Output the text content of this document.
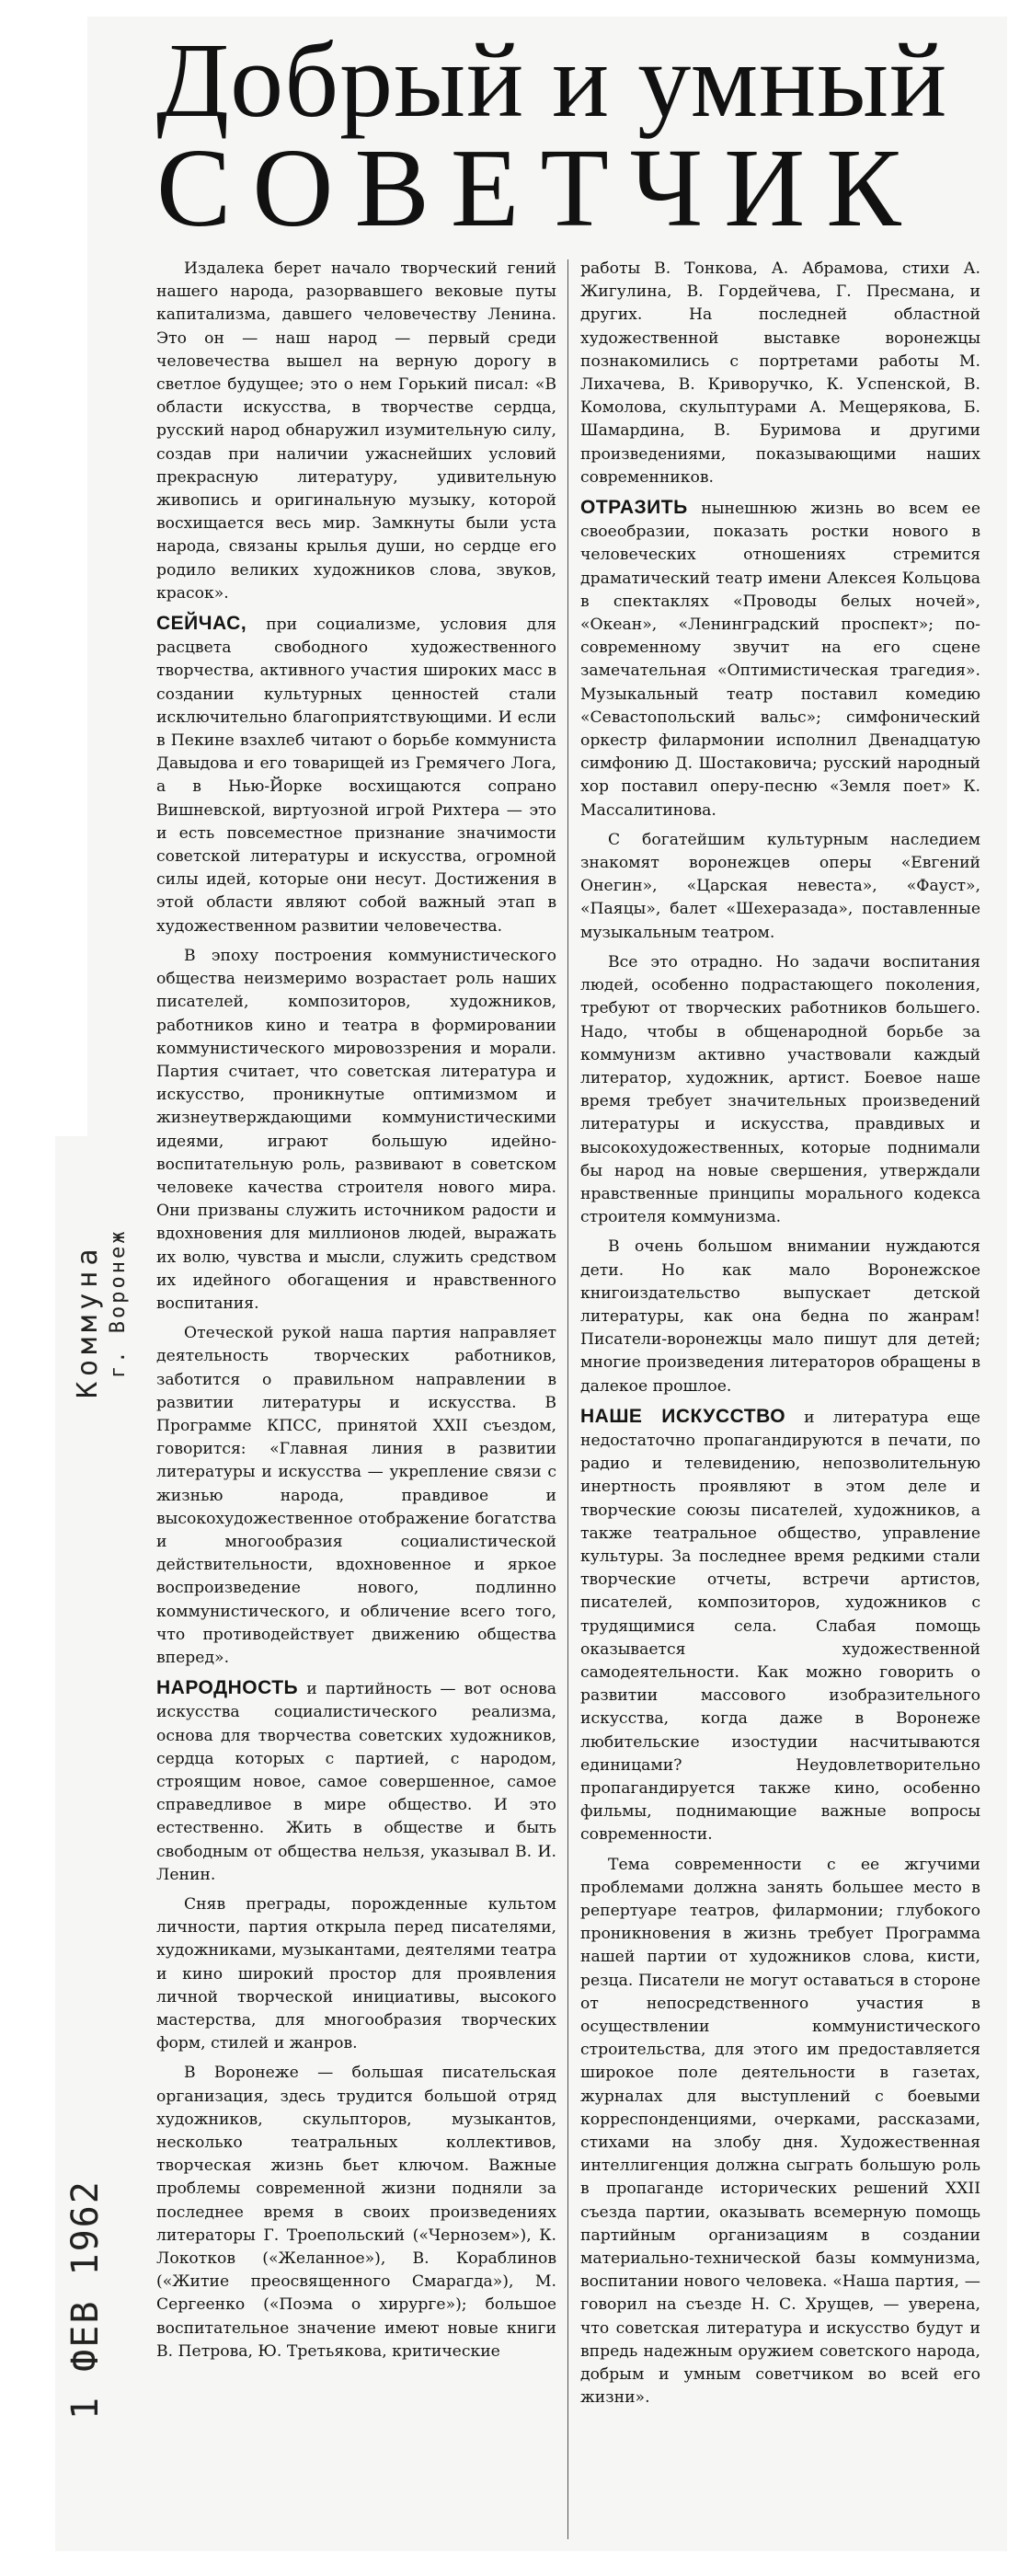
Добрый и умный
СОВЕТЧИК

Издалека берет начало творческий гений нашего народа, разорвавшего вековые путы капитализма, давшего человечеству Ленина. Это он — наш народ — первый среди человечества вышел на верную дорогу в светлое будущее; это о нем Горький писал: «В области искусства, в творчестве сердца, русский народ обнаружил изумительную силу, создав при наличии ужаснейших условий прекрасную литературу, удивительную живопись и оригинальную музыку, которой восхищается весь мир. Замкнуты были уста народа, связаны крылья души, но сердце его родило великих художников слова, звуков, красок».

СЕЙЧАС, при социализме, условия для расцвета свободного художественного творчества, активного участия широких масс в создании культурных ценностей стали исключительно благоприятствующими. И если в Пекине взахлеб читают о борьбе коммуниста Давыдова и его товарищей из Гремячего Лога, а в Нью-Йорке восхищаются сопрано Вишневской, виртуозной игрой Рихтера — это и есть повсеместное признание значимости советской литературы и искусства, огромной силы идей, которые они несут. Достижения в этой области являют собой важный этап в художественном развитии человечества.

В эпоху построения коммунистического общества неизмеримо возрастает роль наших писателей, композиторов, художников, работников кино и театра в формировании коммунистического мировоззрения и морали. Партия считает, что советская литература и искусство, проникнутые оптимизмом и жизнеутверждающими коммунистическими идеями, играют большую идейно-воспитательную роль, развивают в советском человеке качества строителя нового мира. Они призваны служить источником радости и вдохновения для миллионов людей, выражать их волю, чувства и мысли, служить средством их идейного обогащения и нравственного воспитания.

Отеческой рукой наша партия направляет деятельность творческих работников, заботится о правильном направлении в развитии литературы и искусства. В Программе КПСС, принятой XXII съездом, говорится: «Главная линия в развитии литературы и искусства — укрепление связи с жизнью народа, правдивое и высокохудожественное отображение богатства и многообразия социалистической действительности, вдохновенное и яркое воспроизведение нового, подлинно коммунистического, и обличение всего того, что противодействует движению общества вперед».

НАРОДНОСТЬ и партийность — вот основа искусства социалистического реализма, основа для творчества советских художников, сердца которых с партией, с народом, строящим новое, самое совершенное, самое справедливое в мире общество. И это естественно. Жить в обществе и быть свободным от общества нельзя, указывал В. И. Ленин.

Сняв преграды, порожденные культом личности, партия открыла перед писателями, художниками, музыкантами, деятелями театра и кино широкий простор для проявления личной творческой инициативы, высокого мастерства, для многообразия творческих форм, стилей и жанров.

В Воронеже — большая писательская организация, здесь трудится большой отряд художников, скульпторов, музыкантов, несколько театральных коллективов, творческая жизнь бьет ключом. Важные проблемы современной жизни подняли за последнее время в своих произведениях литераторы Г. Троепольский («Чернозем»), К. Локотков («Желанное»), В. Кораблинов («Житие преосвященного Смарагда»), М. Сергеенко («Поэма о хирурге»); большое воспитательное значение имеют новые книги В. Петрова, Ю. Третьякова, критические

работы В. Тонкова, А. Абрамова, стихи А. Жигулина, В. Гордейчева, Г. Пресмана, и других. На последней областной художественной выставке воронежцы познакомились с портретами работы М. Лихачева, В. Криворучко, К. Успенской, В. Комолова, скульптурами А. Мещерякова, Б. Шамардина, В. Буримова и другими произведениями, показывающими наших современников.

ОТРАЗИТЬ нынешнюю жизнь во всем ее своеобразии, показать ростки нового в человеческих отношениях стремится драматический театр имени Алексея Кольцова в спектаклях «Проводы белых ночей», «Океан», «Ленинградский проспект»; по-современному звучит на его сцене замечательная «Оптимистическая трагедия». Музыкальный театр поставил комедию «Севастопольский вальс»; симфонический оркестр филармонии исполнил Двенадцатую симфонию Д. Шостаковича; русский народный хор поставил оперу-песню «Земля поет» К. Массалитинова.

С богатейшим культурным наследием знакомят воронежцев оперы «Евгений Онегин», «Царская невеста», «Фауст», «Паяцы», балет «Шехеразада», поставленные музыкальным театром.

Все это отрадно. Но задачи воспитания людей, особенно подрастающего поколения, требуют от творческих работников большего. Надо, чтобы в общенародной борьбе за коммунизм активно участвовали каждый литератор, художник, артист. Боевое наше время требует значительных произведений литературы и искусства, правдивых и высокохудожественных, которые поднимали бы народ на новые свершения, утверждали нравственные принципы морального кодекса строителя коммунизма.

В очень большом внимании нуждаются дети. Но как мало Воронежское книгоиздательство выпускает детской литературы, как она бедна по жанрам! Писатели-воронежцы мало пишут для детей; многие произведения литераторов обращены в далекое прошлое.

НАШЕ ИСКУССТВО и литература еще недостаточно пропагандируются в печати, по радио и телевидению, непозволительную инертность проявляют в этом деле и творческие союзы писателей, художников, а также театральное общество, управление культуры. За последнее время редкими стали творческие отчеты, встречи артистов, писателей, композиторов, художников с трудящимися села. Слабая помощь оказывается художественной самодеятельности. Как можно говорить о развитии массового изобразительного искусства, когда даже в Воронеже любительские изостудии насчитываются единицами? Неудовлетворительно пропагандируется также кино, особенно фильмы, поднимающие важные вопросы современности.

Тема современности с ее жгучими проблемами должна занять большее место в репертуаре театров, филармонии; глубокого проникновения в жизнь требует Программа нашей партии от художников слова, кисти, резца. Писатели не могут оставаться в стороне от непосредственного участия в осуществлении коммунистического строительства, для этого им предоставляется широкое поле деятельности в газетах, журналах для выступлений с боевыми корреспонденциями, очерками, рассказами, стихами на злобу дня. Художественная интеллигенция должна сыграть большую роль в пропаганде исторических решений XXII съезда партии, оказывать всемерную помощь партийным организациям в создании материально-технической базы коммунизма, воспитании нового человека. «Наша партия, — говорил на съезде Н. С. Хрущев, — уверена, что советская литература и искусство будут и впредь надежным оружием советского народа, добрым и умным советчиком во всей его жизни».

Коммуна г. Воронеж
1 ФЕВ 1962
